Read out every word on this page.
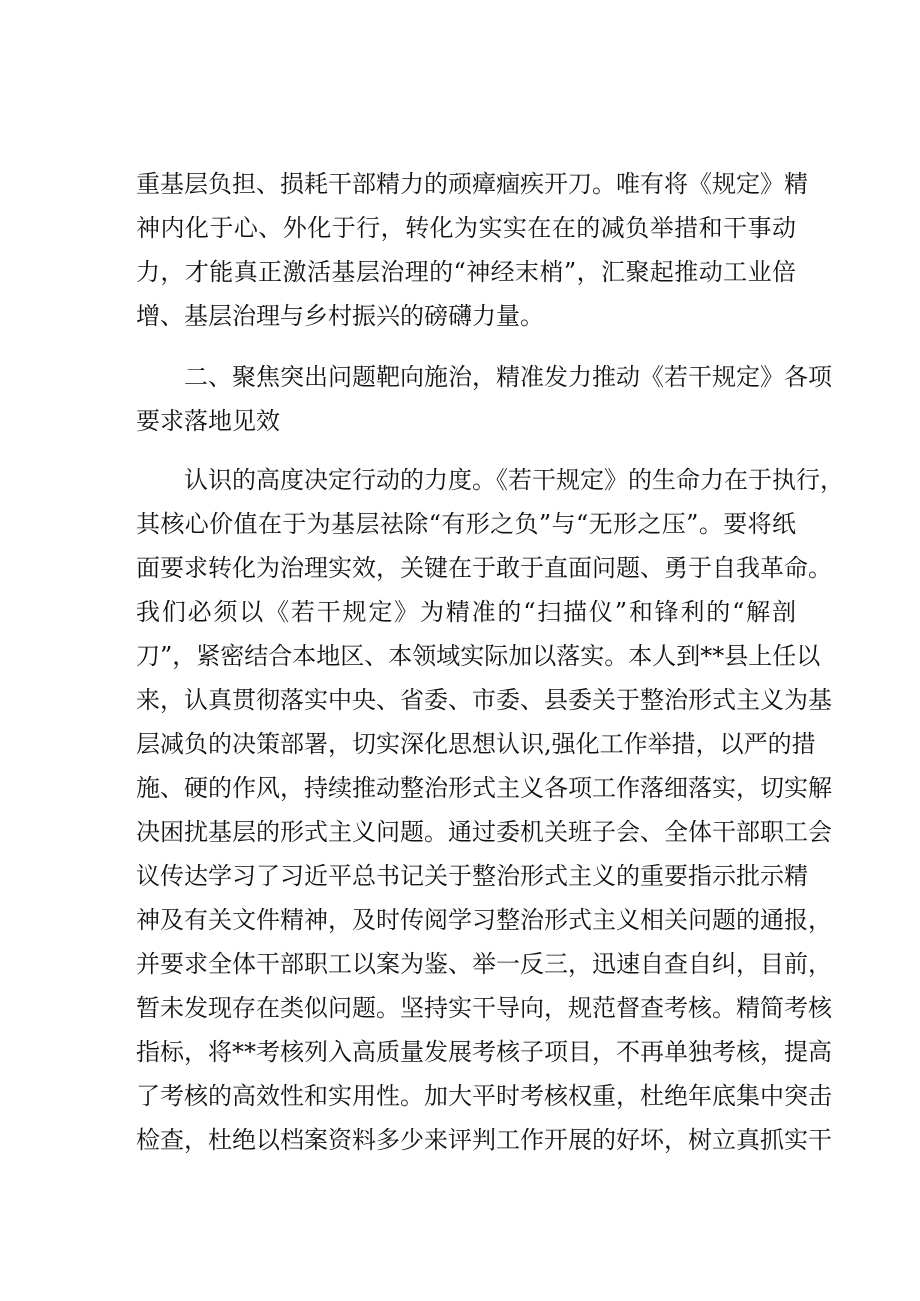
重基层负担、损耗干部精力的顽瘴痼疾开刀。唯有将《规定》精
神内化于心、外化于行，转化为实实在在的减负举措和干事动
力，才能真正激活基层治理的“神经末梢”，汇聚起推动工业倍
增、基层治理与乡村振兴的磅礴力量。
二、聚焦突出问题靶向施治，精准发力推动《若干规定》各项
要求落地见效
认识的高度决定行动的力度。《若干规定》的生命力在于执行，
其核心价值在于为基层祛除“有形之负”与“无形之压”。要将纸
面要求转化为治理实效，关键在于敢于直面问题、勇于自我革命。
我们必须以《若干规定》为精准的“扫描仪”和锋利的“解剖
刀”，紧密结合本地区、本领域实际加以落实。本人到**县上任以
来，认真贯彻落实中央、省委、市委、县委关于整治形式主义为基
层减负的决策部署，切实深化思想认识,强化工作举措，以严的措
施、硬的作风，持续推动整治形式主义各项工作落细落实，切实解
决困扰基层的形式主义问题。通过委机关班子会、全体干部职工会
议传达学习了习近平总书记关于整治形式主义的重要指示批示精
神及有关文件精神，及时传阅学习整治形式主义相关问题的通报，
并要求全体干部职工以案为鉴、举一反三，迅速自查自纠，目前，
暂未发现存在类似问题。坚持实干导向，规范督查考核。精简考核
指标，将**考核列入高质量发展考核子项目，不再单独考核，提高
了考核的高效性和实用性。加大平时考核权重，杜绝年底集中突击
检查，杜绝以档案资料多少来评判工作开展的好坏，树立真抓实干
